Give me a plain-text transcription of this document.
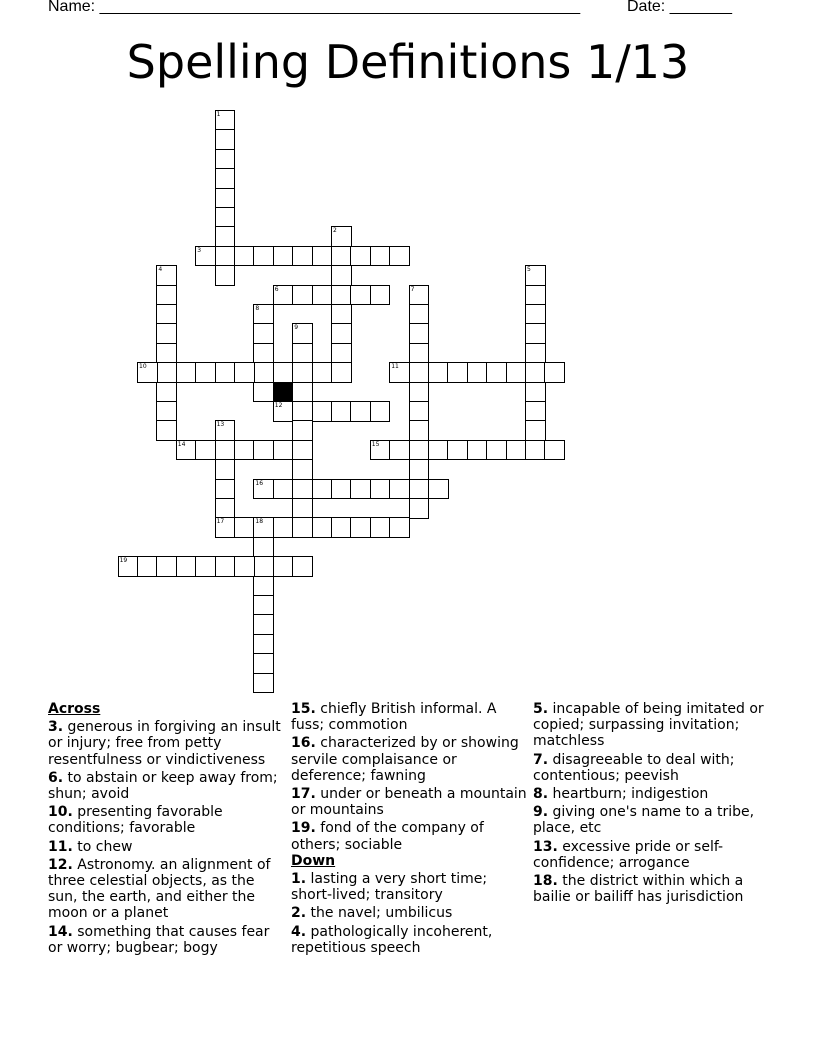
Name: ______________________________________________________	Date: _______
Spelling Definitions 1/13
1
2
3
4	5
6	7
8
9
10	11
12
13
17
14	15
16
18
19
Across
3. generous in forgiving an insult or injury; free from petty resentfulness or vindictiveness
6. to abstain or keep away from; shun; avoid
10. presenting favorable conditions; favorable
11. to chew
12. Astronomy. an alignment of three celestial objects, as the sun, the earth, and either the moon or a planet
14. something that causes fear or worry; bugbear; bogy
15. chiefly British informal. A fuss; commotion
16. characterized by or showing servile complaisance or deference; fawning
17. under or beneath a mountain or mountains
19. fond of the company of others; sociable
Down
1. lasting a very short time; short-lived; transitory
2. the navel; umbilicus
4. pathologically incoherent, repetitious speech
5. incapable of being imitated or copied; surpassing invitation; matchless
7. disagreeable to deal with; contentious; peevish
8. heartburn; indigestion
9. giving one's name to a tribe, place, etc
13. excessive pride or self-confidence; arrogance
18. the district within which a bailie or bailiff has jurisdiction
